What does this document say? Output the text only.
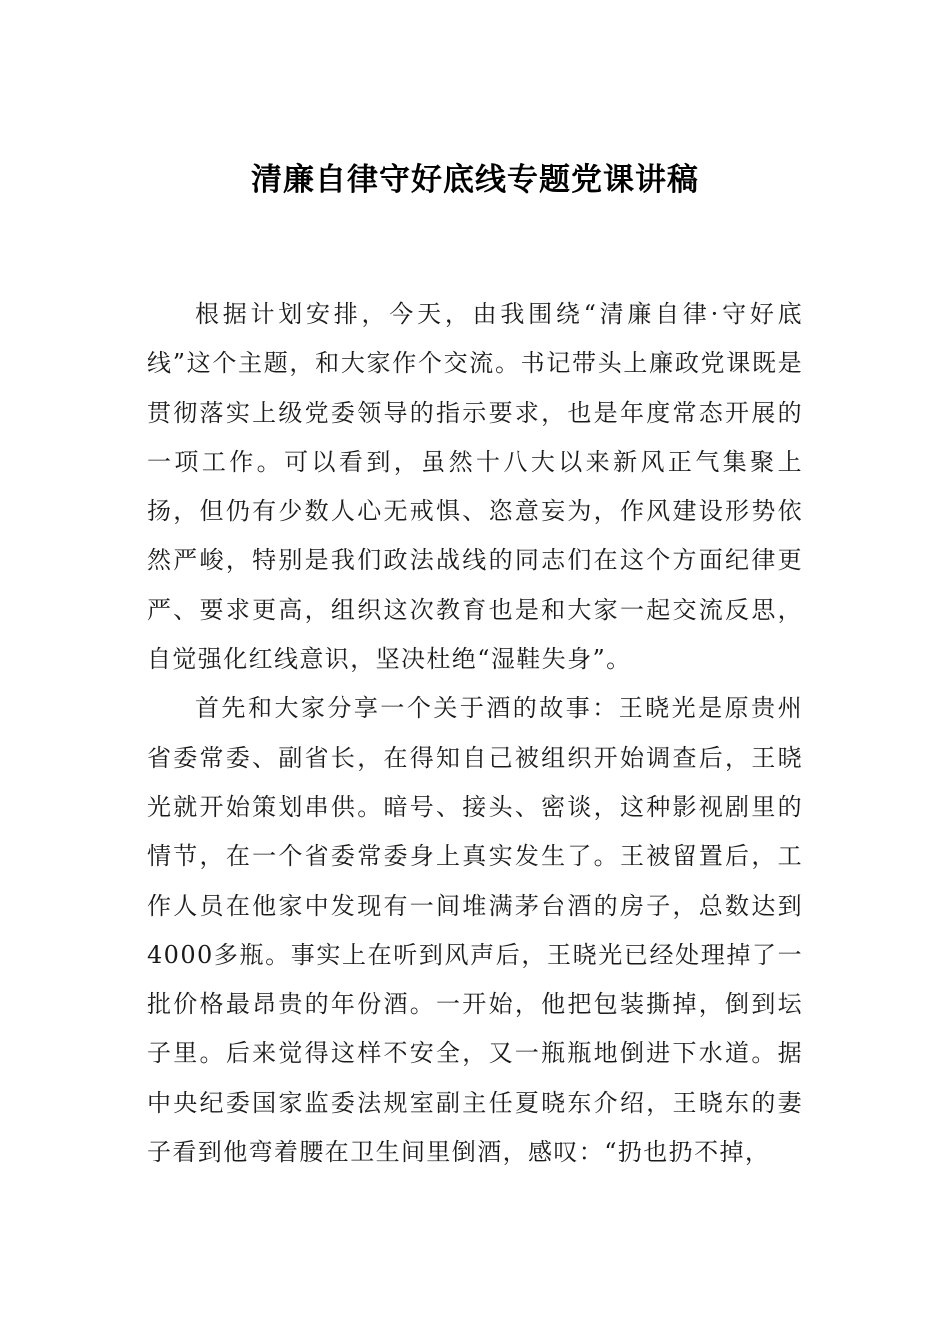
清廉自律守好底线专题党课讲稿

根据计划安排，今天，由我围绕“清廉自律·守好底线”这个主题，和大家作个交流。书记带头上廉政党课既是贯彻落实上级党委领导的指示要求，也是年度常态开展的一项工作。可以看到，虽然十八大以来新风正气集聚上扬，但仍有少数人心无戒惧、恣意妄为，作风建设形势依然严峻，特别是我们政法战线的同志们在这个方面纪律更严、要求更高，组织这次教育也是和大家一起交流反思，自觉强化红线意识，坚决杜绝“湿鞋失身”。

首先和大家分享一个关于酒的故事：王晓光是原贵州省委常委、副省长，在得知自己被组织开始调查后，王晓光就开始策划串供。暗号、接头、密谈，这种影视剧里的情节，在一个省委常委身上真实发生了。王被留置后，工作人员在他家中发现有一间堆满茅台酒的房子，总数达到4000多瓶。事实上在听到风声后，王晓光已经处理掉了一批价格最昂贵的年份酒。一开始，他把包装撕掉，倒到坛子里。后来觉得这样不安全，又一瓶瓶地倒进下水道。据中央纪委国家监委法规室副主任夏晓东介绍，王晓东的妻子看到他弯着腰在卫生间里倒酒，感叹：“扔也扔不掉，
